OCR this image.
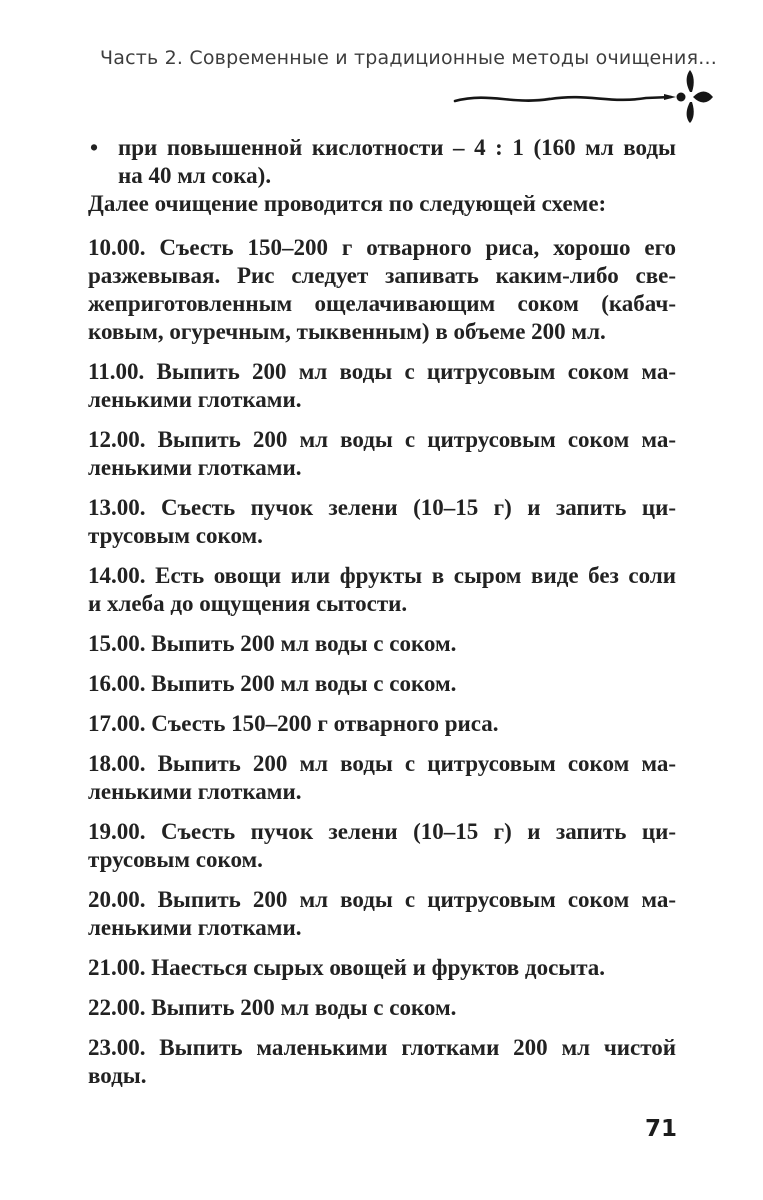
Часть 2. Современные и традиционные методы очищения...

• при повышенной кислотности – 4 : 1 (160 мл воды
на 40 мл сока).

Далее очищение проводится по следующей схеме:

10.00. Съесть 150–200 г отварного риса, хорошо его
разжевывая. Рис следует запивать каким-либо све-
жеприготовленным ощелачивающим соком (кабач-
ковым, огуречным, тыквенным) в объеме 200 мл.

11.00. Выпить 200 мл воды с цитрусовым соком ма-
ленькими глотками.

12.00. Выпить 200 мл воды с цитрусовым соком ма-
ленькими глотками.

13.00. Съесть пучок зелени (10–15 г) и запить ци-
трусовым соком.

14.00. Есть овощи или фрукты в сыром виде без соли
и хлеба до ощущения сытости.

15.00. Выпить 200 мл воды с соком.

16.00. Выпить 200 мл воды с соком.

17.00. Съесть 150–200 г отварного риса.

18.00. Выпить 200 мл воды с цитрусовым соком ма-
ленькими глотками.

19.00. Съесть пучок зелени (10–15 г) и запить ци-
трусовым соком.

20.00. Выпить 200 мл воды с цитрусовым соком ма-
ленькими глотками.

21.00. Наесться сырых овощей и фруктов досыта.

22.00. Выпить 200 мл воды с соком.

23.00. Выпить маленькими глотками 200 мл чистой
воды.

71
